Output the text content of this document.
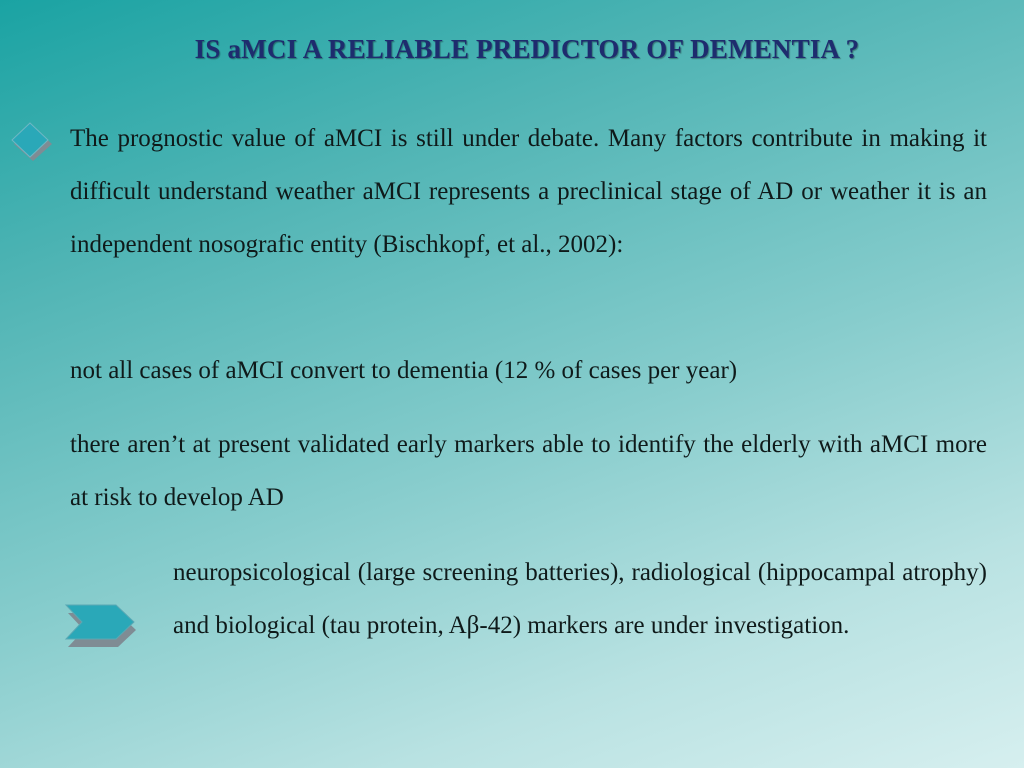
IS aMCI A RELIABLE PREDICTOR OF DEMENTIA ?
The prognostic value of aMCI is still under debate. Many factors contribute in making it difficult understand weather aMCI represents a preclinical stage of AD or weather it is an independent nosografic entity (Bischkopf, et al., 2002):
not all cases of aMCI convert to dementia (12 % of cases per year)
there aren’t at present validated early markers able to identify the elderly with aMCI more at risk to develop AD
neuropsicological (large screening batteries), radiological (hippocampal atrophy) and biological (tau protein, Aβ-42) markers are under investigation.
